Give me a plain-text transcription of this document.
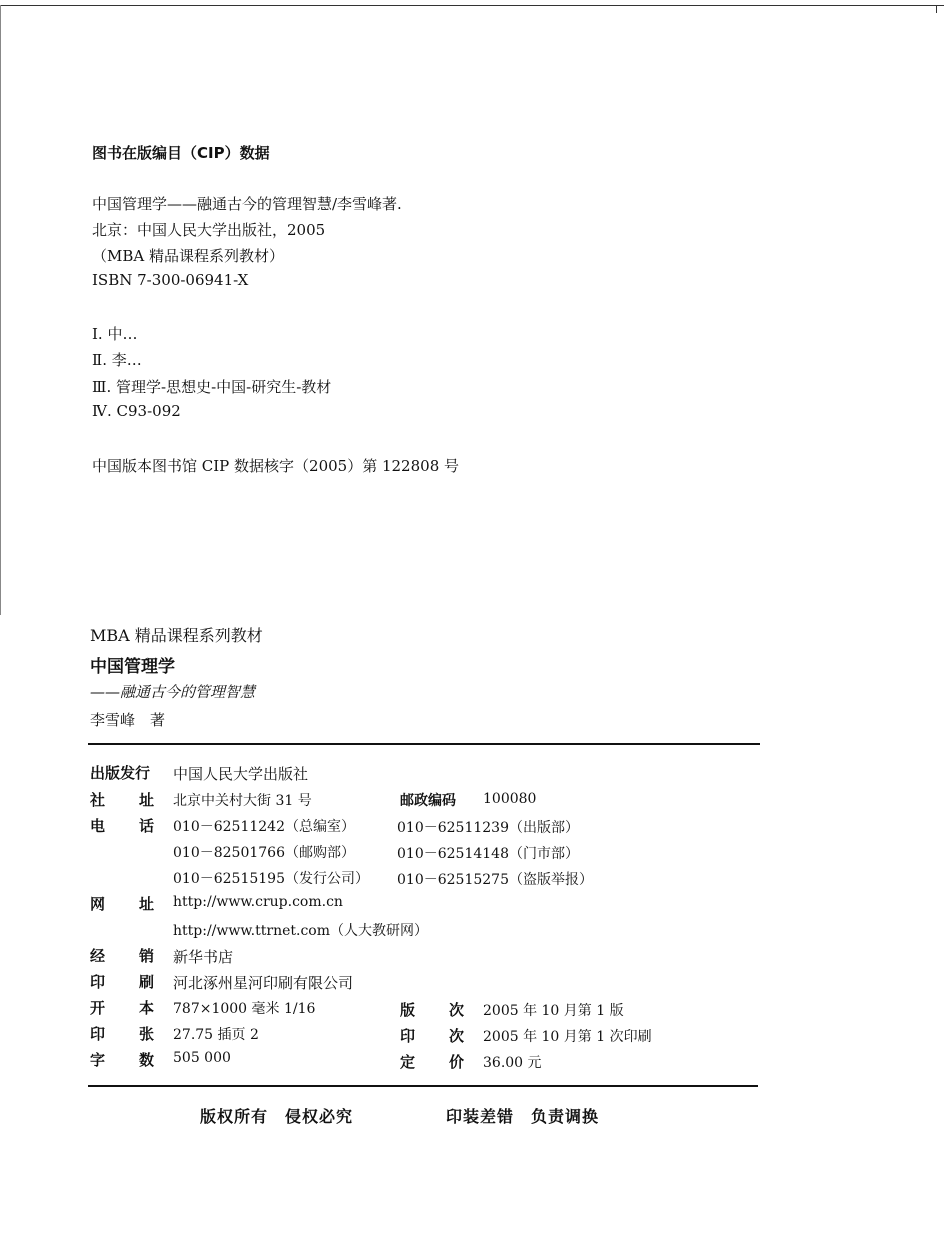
图书在版编目（CIP）数据
中国管理学——融通古今的管理智慧/李雪峰著.
北京：中国人民大学出版社，2005
（MBA 精品课程系列教材）
ISBN 7-300-06941-X
Ⅰ. 中…
Ⅱ. 李…
Ⅲ. 管理学-思想史-中国-研究生-教材
Ⅳ. C93-092
中国版本图书馆 CIP 数据核字（2005）第 122808 号
MBA 精品课程系列教材
中国管理学
——融通古今的管理智慧
李雪峰　著
出版发行 中国人民大学出版社
社 址 北京中关村大街 31 号	邮政编码 100080
电 话 010－62511242（总编室）	010－62511239（出版部）
010－82501766（邮购部）	010－62514148（门市部）
010－62515195（发行公司） 010－62515275（盗版举报）
网 址 http://www.crup.com.cn
http://www.ttrnet.com（人大教研网）
经 销 新华书店
印 刷 河北涿州星河印刷有限公司
开 本 787×1000 毫米 1/16	版 次 2005 年 10 月第 1 版
印 张 27.75 插页 2	印 次 2005 年 10 月第 1 次印刷
字 数 505 000	定 价 36.00 元
版权所有　侵权必究	印装差错　负责调换
